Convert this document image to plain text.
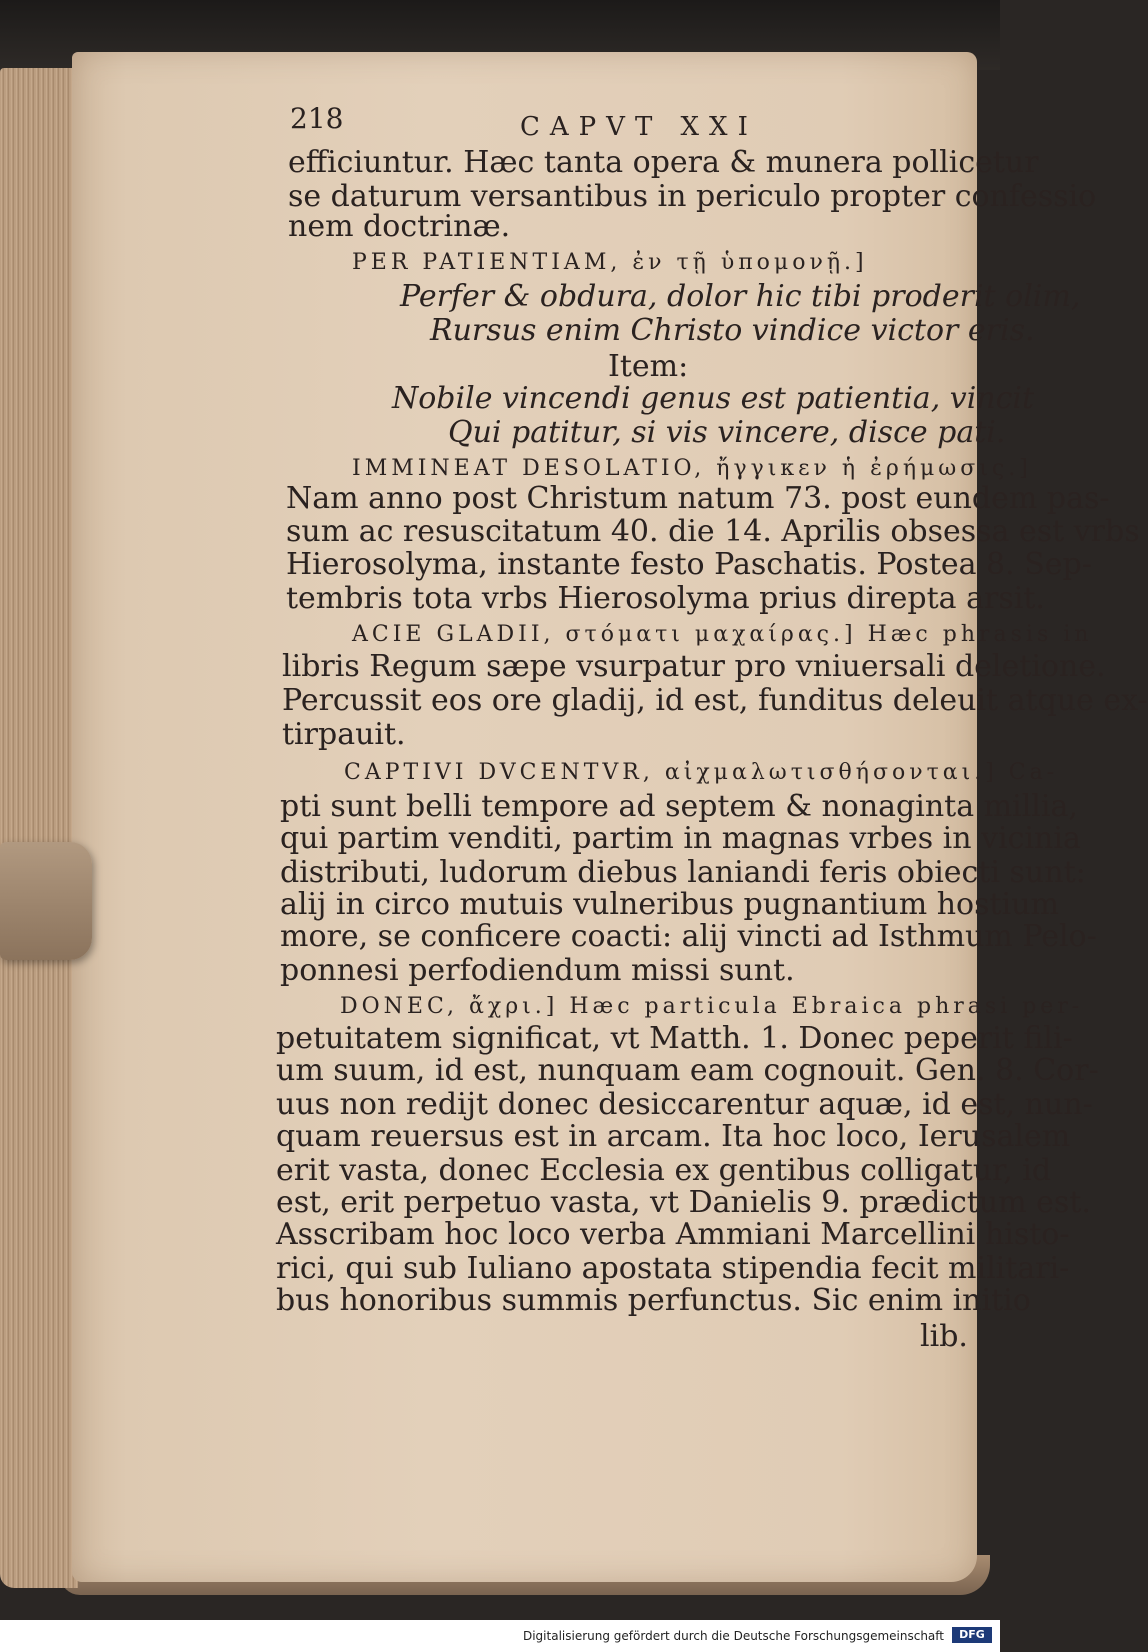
218	CAPVT XXI
efficiuntur. Hæc tanta opera & munera pollicetur
se daturum versantibus in periculo propter confessio
nem doctrinæ.
PER PATIENTIAM, ἐν τῇ ὑπομονῇ.]
Perfer & obdura, dolor hic tibi proderit olim,
Rursus enim Christo vindice victor eris.
Item:
Nobile vincendi genus est patientia, vincit
Qui patitur, si vis vincere, disce pati.
IMMINEAT DESOLATIO, ἤγγικεν ἡ ἐρήμωσις.]
Nam anno post Christum natum 73. post eundem pas-
sum ac resuscitatum 40. die 14. Aprilis obsessa est vrbs
Hierosolyma, instante festo Paschatis. Postea 8. Sep-
tembris tota vrbs Hierosolyma prius direpta arsit.
ACIE GLADII, στόματι μαχαίρας.] Hæc phrasis in
libris Regum sæpe vsurpatur pro vniuersali deletione.
Percussit eos ore gladij, id est, funditus deleuit atque ex-
tirpauit.
CAPTIVI DVCENTVR, αἰχμαλωτισθήσονται.] Ca-
pti sunt belli tempore ad septem & nonaginta millia,
qui partim venditi, partim in magnas vrbes in vicinia
distributi, ludorum diebus laniandi feris obiecti sunt:
alij in circo mutuis vulneribus pugnantium hostium
more, se conficere coacti: alij vincti ad Isthmum Pelo-
ponnesi perfodiendum missi sunt.
DONEC, ἄχρι.] Hæc particula Ebraica phrasi per-
petuitatem significat, vt Matth. 1. Donec peperit fili-
um suum, id est, nunquam eam cognouit. Gen. 8. Cor-
uus non redijt donec desiccarentur aquæ, id est, nun-
quam reuersus est in arcam. Ita hoc loco, Ierusalem
erit vasta, donec Ecclesia ex gentibus colligatur, id
est, erit perpetuo vasta, vt Danielis 9. prædictum est.
Asscribam hoc loco verba Ammiani Marcellini histo-
rici, qui sub Iuliano apostata stipendia fecit militari-
bus honoribus summis perfunctus. Sic enim initio
lib.
Digitalisierung gefördert durch die Deutsche Forschungsgemeinschaft	DFG
